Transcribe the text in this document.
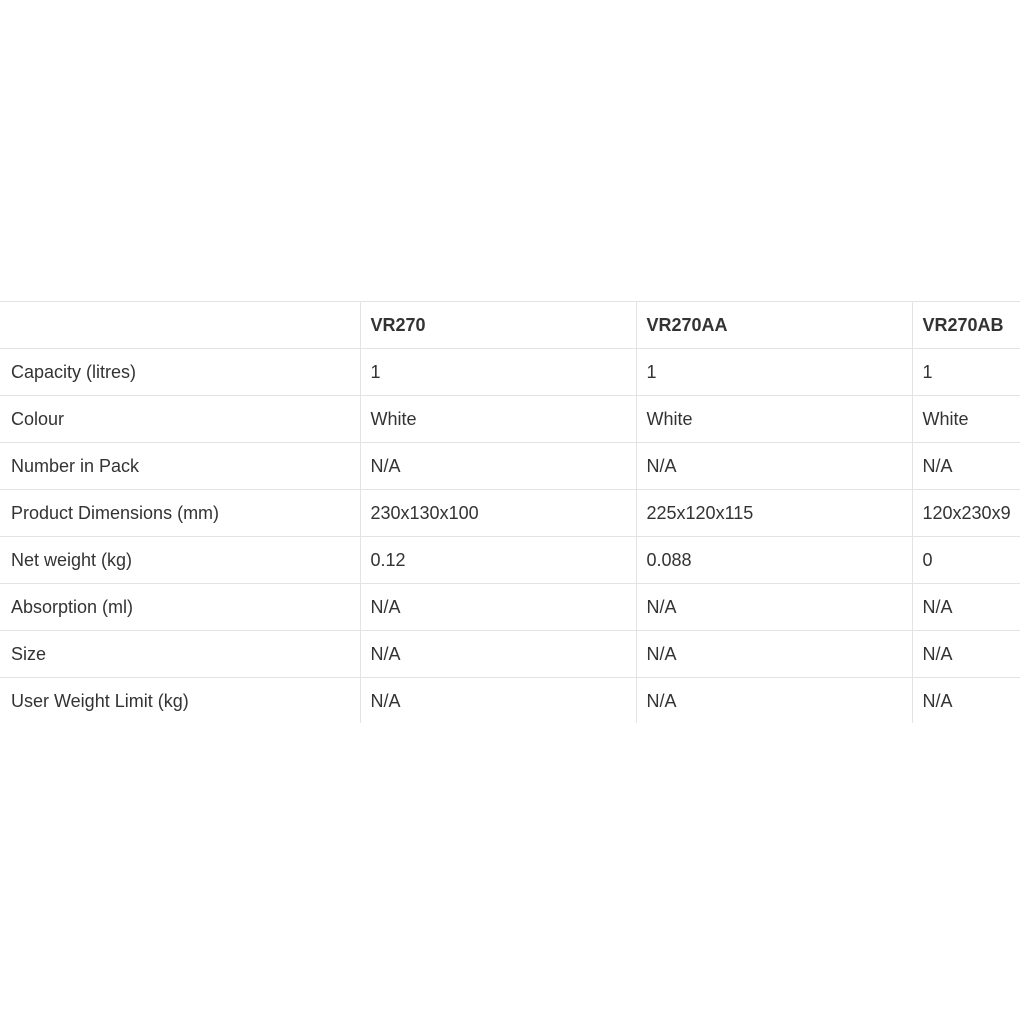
	VR270	VR270AA	VR270AB	

Capacity (litres)	1	1	1	

Colour	White	White	White	

Number in Pack	N/A	N/A	N/A	

Product Dimensions (mm)	230x130x100	225x120x115	120x230x9	

Net weight (kg)	0.12	0.088	0	

Absorption (ml)	N/A	N/A	N/A	

Size	N/A	N/A	N/A	

User Weight Limit (kg)	N/A	N/A	N/A	
